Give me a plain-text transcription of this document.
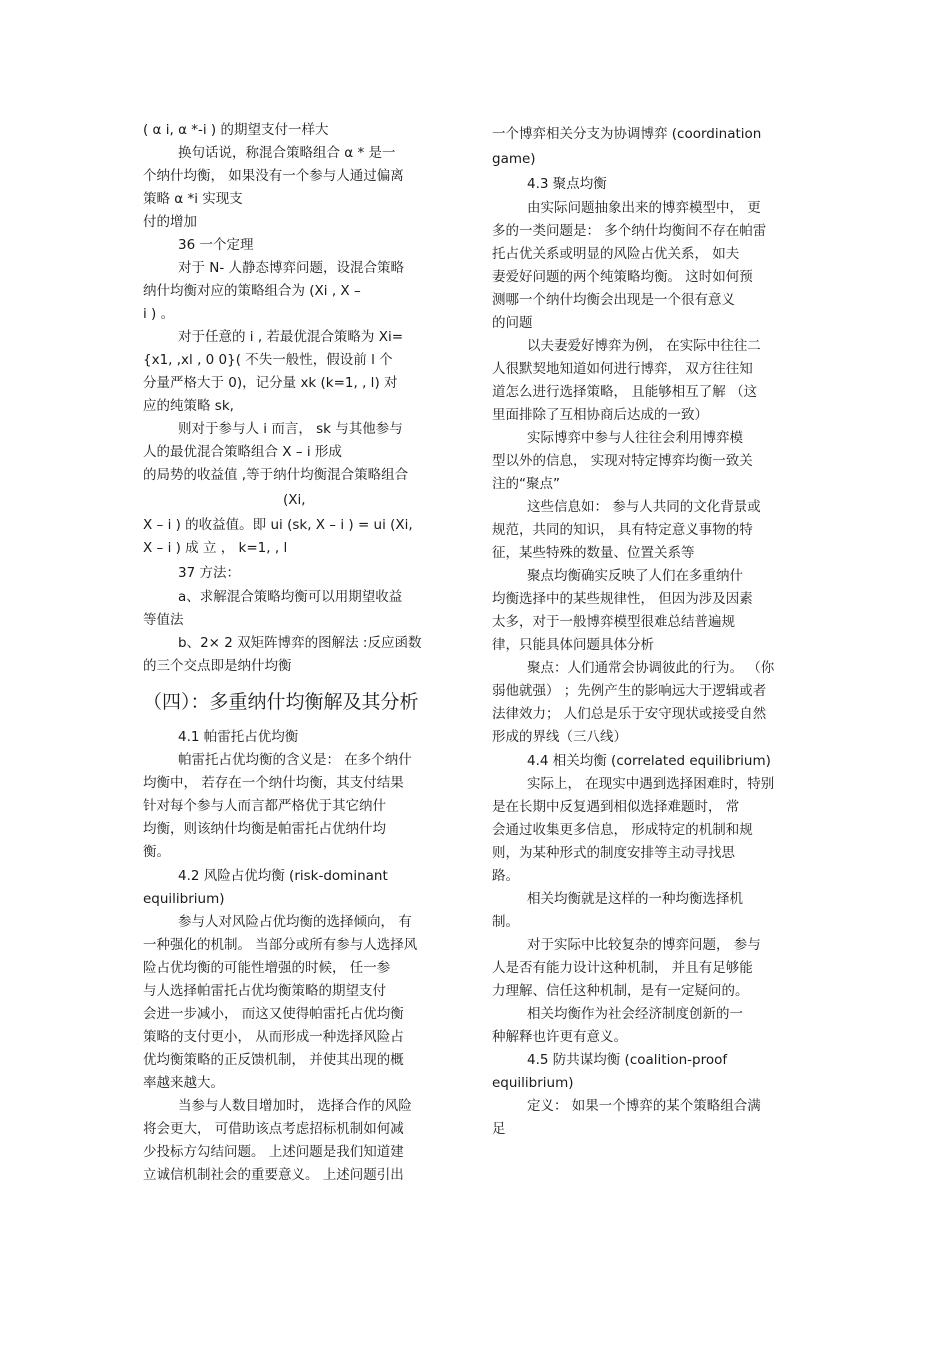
( α i, α *-i ) 的期望支付一样大
换句话说，称混合策略组合 α * 是一
个纳什均衡， 如果没有一个参与人通过偏离
策略 α *i 实现支
付的增加
36 一个定理
对于 N- 人静态博弈问题，设混合策略
纳什均衡对应的策略组合为 (Xi , X –
i ) 。
对于任意的 i , 若最优混合策略为 Xi=
{x1, ,xl , 0 0}( 不失一般性，假设前 l 个
分量严格大于 0)，记分量 xk (k=1, , l) 对
应的纯策略 sk,
则对于参与人 i 而言， sk 与其他参与
人的最优混合策略组合 X – i 形成
的局势的收益值 ,等于纳什均衡混合策略组合
(Xi,
X – i ) 的收益值。即 ui (sk, X – i ) = ui (Xi,
X – i ) 成 立 ， k=1, , l
37 方法：
a、求解混合策略均衡可以用期望收益
等值法
b、2× 2 双矩阵博弈的图解法 :反应函数
的三个交点即是纳什均衡
（四）：多重纳什均衡解及其分析
4.1 帕雷托占优均衡
帕雷托占优均衡的含义是： 在多个纳什
均衡中， 若存在一个纳什均衡，其支付结果
针对每个参与人而言都严格优于其它纳什
均衡，则该纳什均衡是帕雷托占优纳什均
衡。
4.2 风险占优均衡 (risk-dominant
equilibrium)
参与人对风险占优均衡的选择倾向， 有
一种强化的机制。 当部分或所有参与人选择风
险占优均衡的可能性增强的时候， 任一参
与人选择帕雷托占优均衡策略的期望支付
会进一步减小， 而这又使得帕雷托占优均衡
策略的支付更小， 从而形成一种选择风险占
优均衡策略的正反馈机制， 并使其出现的概
率越来越大。
当参与人数目增加时， 选择合作的风险
将会更大， 可借助该点考虑招标机制如何减
少投标方勾结问题。 上述问题是我们知道建
立诚信机制社会的重要意义。 上述问题引出
一个博弈相关分支为协调博弈 (coordination
game)
4.3 聚点均衡
由实际问题抽象出来的博弈模型中， 更
多的一类问题是： 多个纳什均衡间不存在帕雷
托占优关系或明显的风险占优关系， 如夫
妻爱好问题的两个纯策略均衡。 这时如何预
测哪一个纳什均衡会出现是一个很有意义
的问题
以夫妻爱好博弈为例， 在实际中往往二
人很默契地知道如何进行博弈， 双方往往知
道怎么进行选择策略， 且能够相互了解 （这
里面排除了互相协商后达成的一致）
实际博弈中参与人往往会利用博弈模
型以外的信息， 实现对特定博弈均衡一致关
注的“聚点”
这些信息如： 参与人共同的文化背景或
规范，共同的知识， 具有特定意义事物的特
征，某些特殊的数量、位置关系等
聚点均衡确实反映了人们在多重纳什
均衡选择中的某些规律性， 但因为涉及因素
太多，对于一般博弈模型很难总结普遍规
律，只能具体问题具体分析
聚点：人们通常会协调彼此的行为。 （你
弱他就强） ；先例产生的影响远大于逻辑或者
法律效力； 人们总是乐于安守现状或接受自然
形成的界线（三八线）
4.4 相关均衡 (correlated equilibrium)
实际上， 在现实中遇到选择困难时，特别
是在长期中反复遇到相似选择难题时， 常
会通过收集更多信息， 形成特定的机制和规
则，为某种形式的制度安排等主动寻找思
路。
相关均衡就是这样的一种均衡选择机
制。
对于实际中比较复杂的博弈问题， 参与
人是否有能力设计这种机制， 并且有足够能
力理解、信任这种机制，是有一定疑问的。
相关均衡作为社会经济制度创新的一
种解释也许更有意义。
4.5 防共谋均衡 (coalition-proof
equilibrium)
定义： 如果一个博弈的某个策略组合满
足
